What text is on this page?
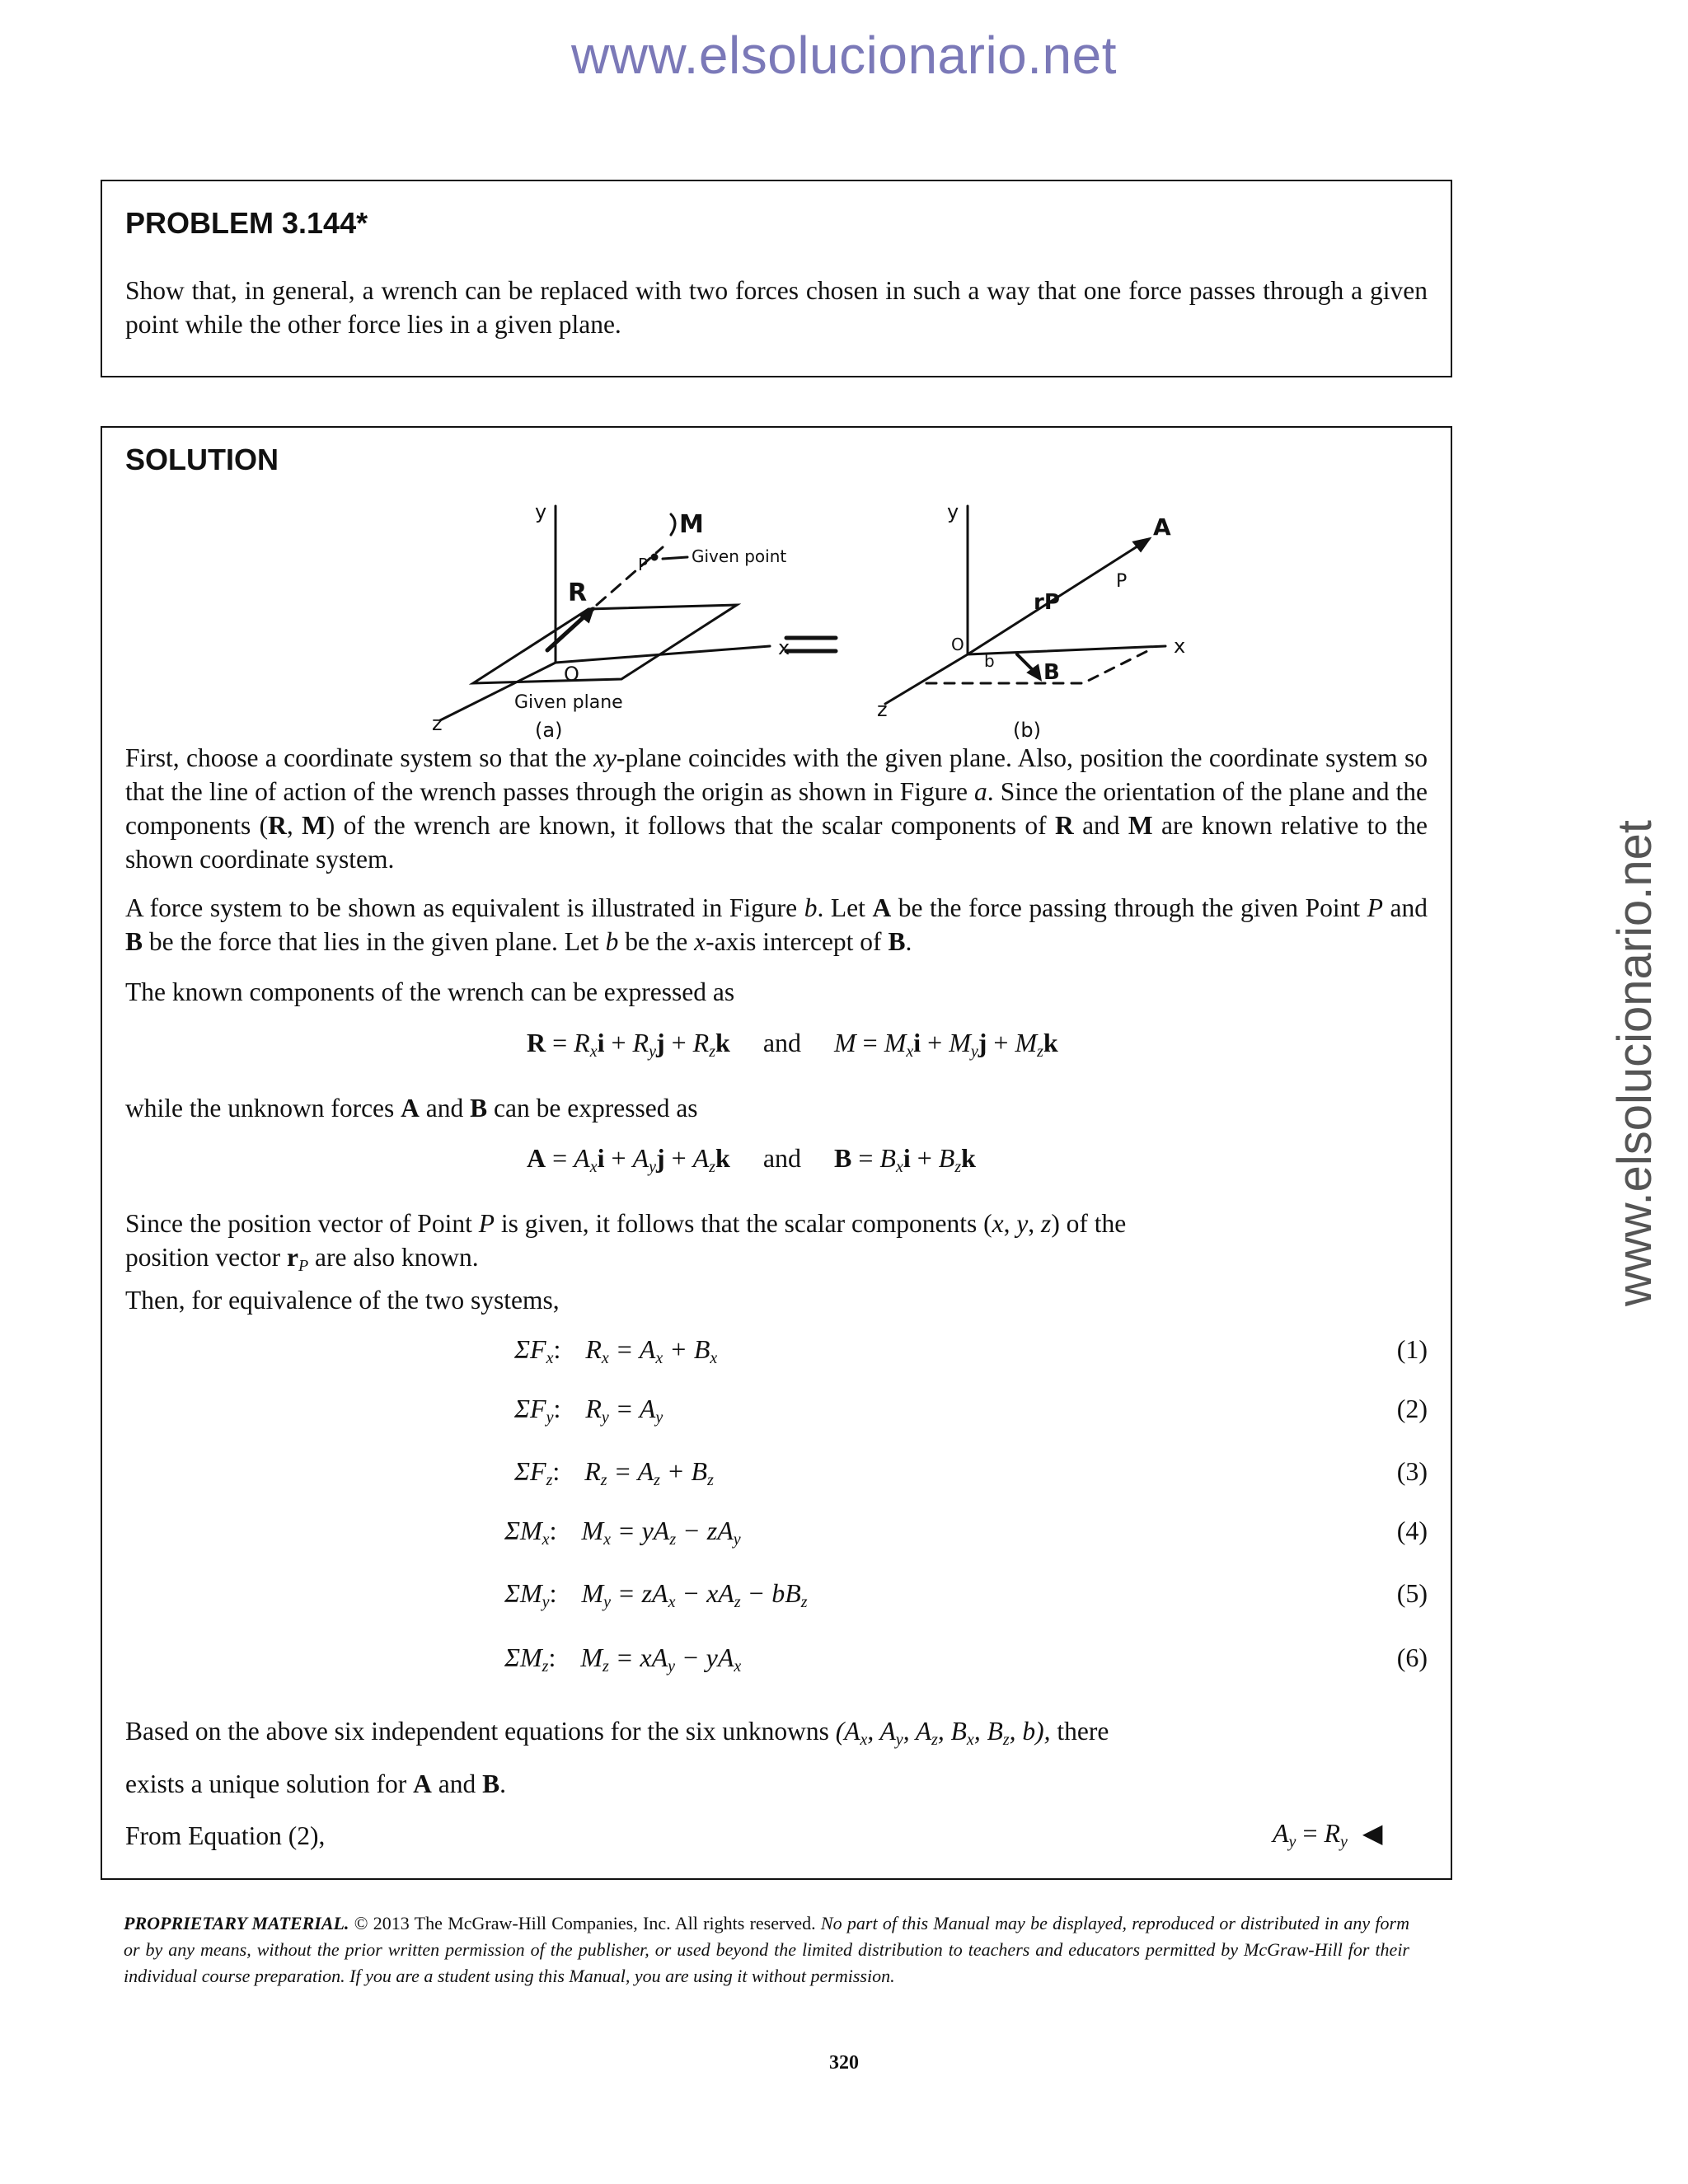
www.elsolucionario.net
www.elsolucionario.net
PROBLEM 3.144*
Show that, in general, a wrench can be replaced with two forces chosen in such a way that one force passes through a given point while the other force lies in a given plane.
SOLUTION
y
x
z
O
R
M
P	Given point
Given plane
(a)
y
x
z
O
A
P
rP
b B
(b)
First, choose a coordinate system so that the xy-plane coincides with the given plane. Also, position the coordinate system so that the line of action of the wrench passes through the origin as shown in Figure a. Since the orientation of the plane and the components (R, M) of the wrench are known, it follows that the scalar components of R and M are known relative to the shown coordinate system.
A force system to be shown as equivalent is illustrated in Figure b. Let A be the force passing through the given Point P and B be the force that lies in the given plane. Let b be the x-axis intercept of B.
The known components of the wrench can be expressed as
$R = R_xi + R_yj + R_zk$ and $M = M_xi + M_yj + M_zk$
while the unknown forces A and B can be expressed as
$A = A_xi + A_yj + A_zk$ and $B = B_xi + B_zk$
Since the position vector of Point P is given, it follows that the scalar components (x, y, z) of the
position vector $r_P$ are also known.
Then, for equivalence of the two systems,
$\Sigma F_x$: $R_x = A_x + B_x$	(1)
$\Sigma F_y$: $R_y = A_y$	(2)
$\Sigma F_z$: $R_z = A_z + B_z$	(3)
$\Sigma M_x$: $M_x = yA_z - zA_y$	(4)
$\Sigma M_y$: $M_y = zA_x - xA_z - bB_z$	(5)
$\Sigma M_z$: $M_z = xA_y - yA_x$	(6)
Based on the above six independent equations for the six unknowns ($A_x$, $A_y$, $A_z$, $B_x$, $B_z$, b), there
exists a unique solution for A and B.
From Equation (2),	$A_y = R_y$ ◀
PROPRIETARY MATERIAL. © 2013 The McGraw-Hill Companies, Inc. All rights reserved. No part of this Manual may be displayed, reproduced or distributed in any form or by any means, without the prior written permission of the publisher, or used beyond the limited distribution to teachers and educators permitted by McGraw-Hill for their individual course preparation. If you are a student using this Manual, you are using it without permission.
320
